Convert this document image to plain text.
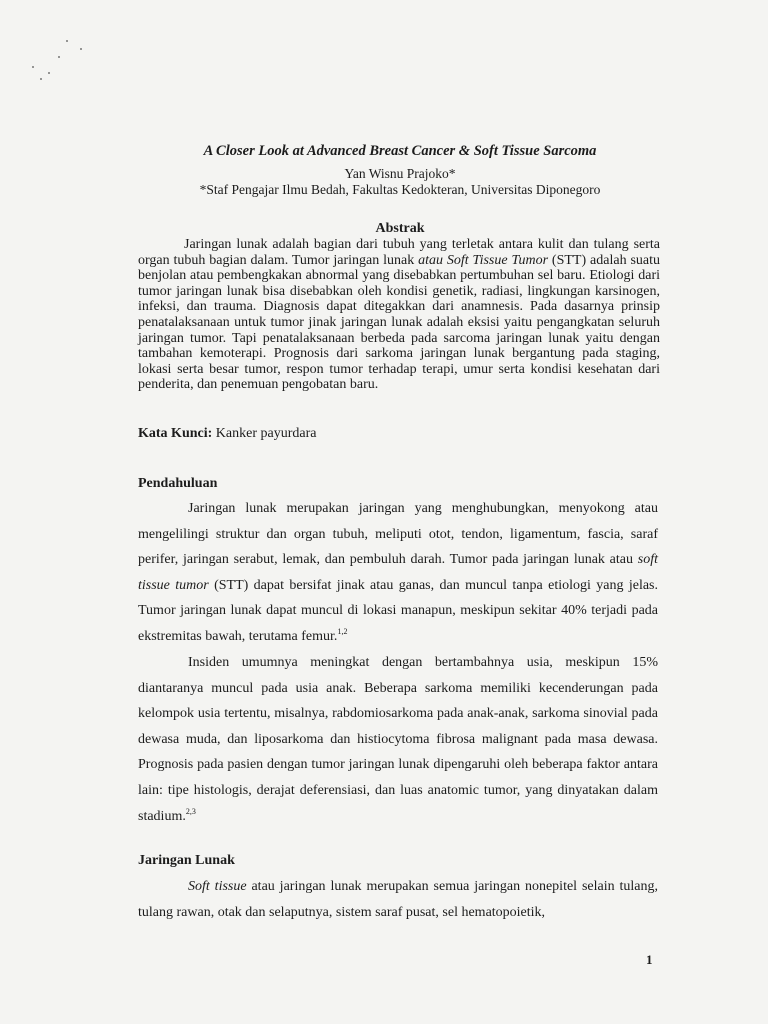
A Closer Look at Advanced Breast Cancer & Soft Tissue Sarcoma
Yan Wisnu Prajoko*
*Staf Pengajar Ilmu Bedah, Fakultas Kedokteran, Universitas Diponegoro
Abstrak

Jaringan lunak adalah bagian dari tubuh yang terletak antara kulit dan tulang serta organ tubuh bagian dalam. Tumor jaringan lunak atau Soft Tissue Tumor (STT) adalah suatu benjolan atau pembengkakan abnormal yang disebabkan pertumbuhan sel baru. Etiologi dari tumor jaringan lunak bisa disebabkan oleh kondisi genetik, radiasi, lingkungan karsinogen, infeksi, dan trauma. Diagnosis dapat ditegakkan dari anamnesis. Pada dasarnya prinsip penatalaksanaan untuk tumor jinak jaringan lunak adalah eksisi yaitu pengangkatan seluruh jaringan tumor. Tapi penatalaksanaan berbeda pada sarcoma jaringan lunak yaitu dengan tambahan kemoterapi. Prognosis dari sarkoma jaringan lunak bergantung pada staging, lokasi serta besar tumor, respon tumor terhadap terapi, umur serta kondisi kesehatan dari penderita, dan penemuan pengobatan baru.

Kata Kunci: Kanker payurdara
Pendahuluan

Jaringan lunak merupakan jaringan yang menghubungkan, menyokong atau mengelilingi struktur dan organ tubuh, meliputi otot, tendon, ligamentum, fascia, saraf perifer, jaringan serabut, lemak, dan pembuluh darah. Tumor pada jaringan lunak atau soft tissue tumor (STT) dapat bersifat jinak atau ganas, dan muncul tanpa etiologi yang jelas. Tumor jaringan lunak dapat muncul di lokasi manapun, meskipun sekitar 40% terjadi pada ekstremitas bawah, terutama femur.$^{1,2}$

Insiden umumnya meningkat dengan bertambahnya usia, meskipun 15% diantaranya muncul pada usia anak. Beberapa sarkoma memiliki kecenderungan pada kelompok usia tertentu, misalnya, rabdomiosarkoma pada anak-anak, sarkoma sinovial pada dewasa muda, dan liposarkoma dan histiocytoma fibrosa malignant pada masa dewasa. Prognosis pada pasien dengan tumor jaringan lunak dipengaruhi oleh beberapa faktor antara lain: tipe histologis, derajat deferensiasi, dan luas anatomic tumor, yang dinyatakan dalam stadium.$^{2,3}$

Jaringan Lunak

Soft tissue atau jaringan lunak merupakan semua jaringan nonepitel selain tulang, tulang rawan, otak dan selaputnya, sistem saraf pusat, sel hematopoietik,

1
